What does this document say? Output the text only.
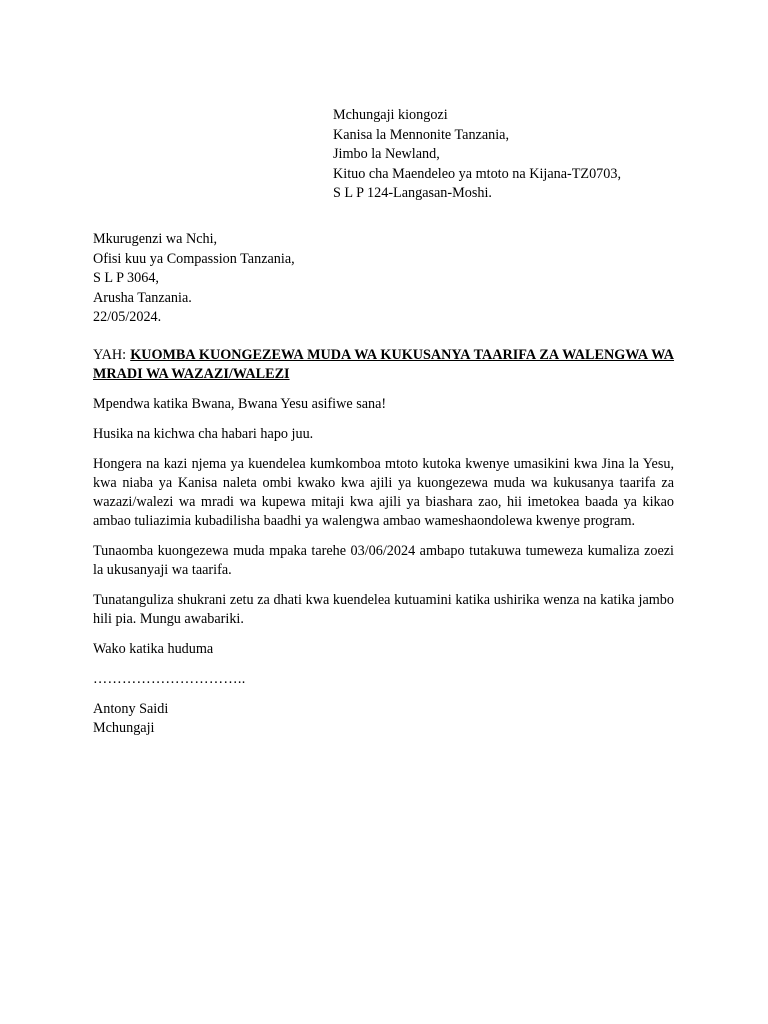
Mchungaji kiongozi
Kanisa la Mennonite Tanzania,
Jimbo la Newland,
Kituo cha Maendeleo ya mtoto na Kijana-TZ0703,
S L P 124-Langasan-Moshi.
Mkurugenzi wa Nchi,
Ofisi kuu ya Compassion Tanzania,
S L P 3064,
Arusha Tanzania.
22/05/2024.

YAH: KUOMBA KUONGEZEWA MUDA WA KUKUSANYA TAARIFA ZA WALENGWA WA MRADI WA WAZAZI/WALEZI

Mpendwa katika Bwana, Bwana Yesu asifiwe sana!

Husika na kichwa cha habari hapo juu.

Hongera na kazi njema ya kuendelea kumkomboa mtoto kutoka kwenye umasikini kwa Jina la Yesu, kwa niaba ya Kanisa naleta ombi kwako kwa ajili ya kuongezewa muda wa kukusanya taarifa za wazazi/walezi wa mradi wa kupewa mitaji kwa ajili ya biashara zao, hii imetokea baada ya kikao ambao tuliazimia kubadilisha baadhi ya walengwa ambao wameshaondolewa kwenye program.

Tunaomba kuongezewa muda mpaka tarehe 03/06/2024 ambapo tutakuwa tumeweza kumaliza zoezi la ukusanyaji wa taarifa.

Tunatanguliza shukrani zetu za dhati kwa kuendelea kutuamini katika ushirika wenza na katika jambo hili pia. Mungu awabariki.

Wako katika huduma

…………………………..

Antony Saidi
Mchungaji
